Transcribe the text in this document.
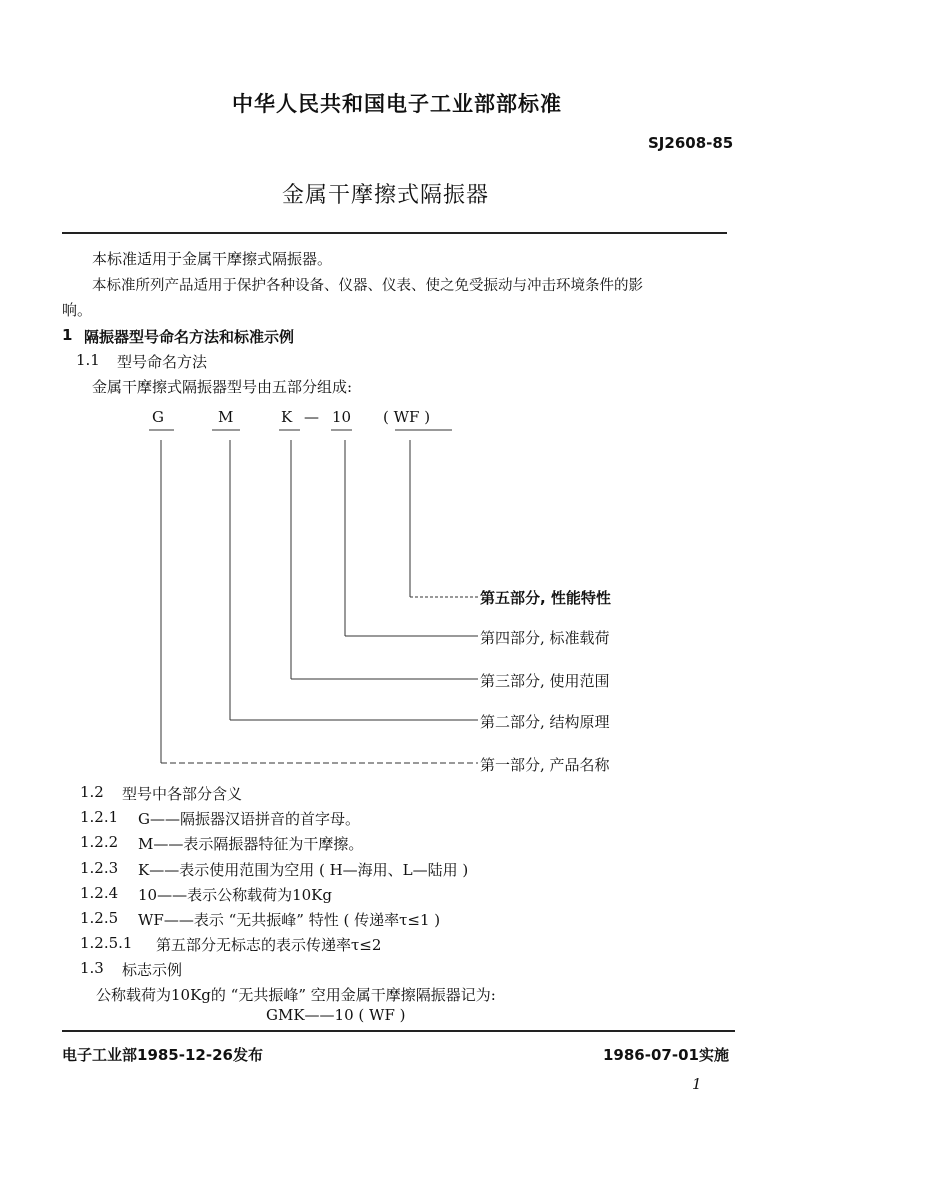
中华人民共和国电子工业部部标准
SJ2608-85
金属干摩擦式隔振器
本标准适用于金属干摩擦式隔振器。
本标准所列产品适用于保护各种设备、仪器、仪表、使之免受振动与冲击环境条件的影
响。
1 隔振器型号命名方法和标准示例
1.1 型号命名方法
金属干摩擦式隔振器型号由五部分组成:
G	M	K — 10 ( WF )
第五部分, 性能特性
第四部分, 标准载荷
第三部分, 使用范围
第二部分, 结构原理
第一部分, 产品名称
1.2 型号中各部分含义
1.2.1 G——隔振器汉语拼音的首字母。
1.2.2 M——表示隔振器特征为干摩擦。
1.2.3 K——表示使用范围为空用 ( H—海用、L—陆用 )
1.2.4 10——表示公称载荷为10Kg
1.2.5 WF——表示 “无共振峰” 特性 ( 传递率τ≤1 )
1.2.5.1 第五部分无标志的表示传递率τ≤2
1.3 标志示例
公称载荷为10Kg的 “无共振峰” 空用金属干摩擦隔振器记为:
GMK——10 ( WF )
电子工业部1985-12-26发布	1986-07-01实施
1
